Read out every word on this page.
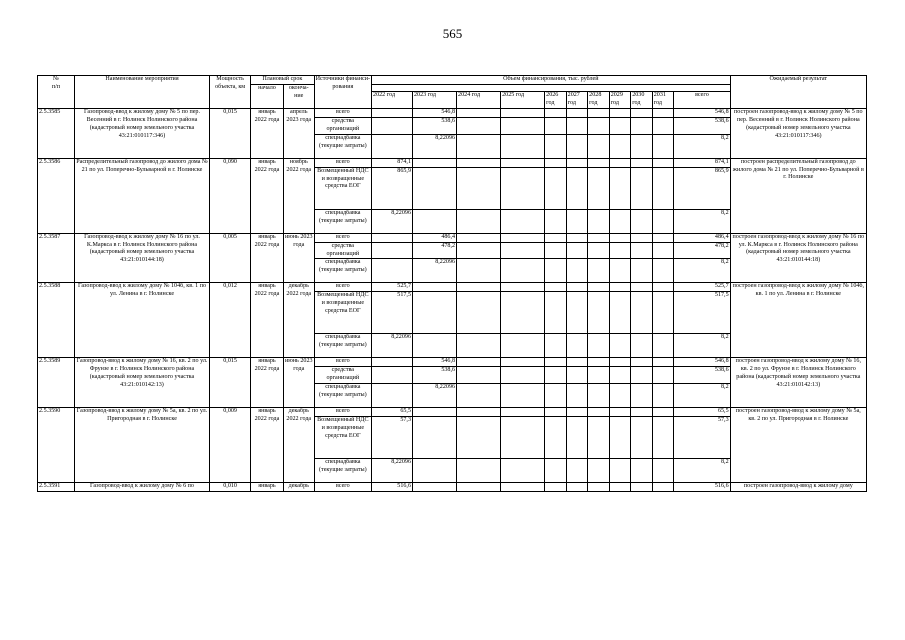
565
№
п/п	Наименование мероприятия	Мощность объекта, км	Плановый срок		Источники финанси-рования	Объем финансирования, тыс. рублей											Ожидаемый результат
			начало	оконча-ние													
						2022 год	2023 год	2024 год	2025 год	2026 год	2027 год	2028 год	2029 год	2030 год	2031 год	всего	
2.5.3585	Газопровод-ввод к жилому дому № 5 по пер. Весенний в г. Нолинск Нолинского района (кадастровый номер земельного участка 43:21:010117:346)	0,015	январь 2022 года	апрель 2023 года	всего		546,8									546,8	построен газопровод-ввод к жилому дому № 5 по пер. Весенний в г. Нолинск Нолинского района (кадастровый номер земельного участка 43:21:010117:346)
					средства организаций		538,6									538,6	
					спецнадбавка (текущие затраты)		8,22096									8,2	
2.5.3586	Распределительный газопровод до жилого дома № 21 по ул. Поперечно-Бульварной в г. Нолинске	0,090	январь 2022 года	ноябрь 2022 года	всего	874,1										874,1	построен распределительный газопровод до жилого дома № 21 по ул. Поперечно-Бульварной в г. Нолинске
					Возмещенный НДС и возвращенные средства ЕОГ	865,9										865,9	
					спецнадбавка (текущие затраты)	8,22096										8,2	
2.5.3587	Газопровод-ввод к жилому дому № 16 по ул. К.Маркса в г. Нолинск Нолинского района (кадастровый номер земельного участка 43:21:010144:18)	0,005	январь 2022 года	июнь 2023 года	всего		486,4									486,4	построен газопровод-ввод к жилому дому № 16 по ул. К.Маркса в г. Нолинск Нолинского района (кадастровый номер земельного участка 43:21:010144:18)
					средства организаций		478,2									478,2	
					спецнадбавка (текущие затраты)		8,22096									8,2	
2.5.3588	Газопровод-ввод к жилому дому № 104б, кв. 1 по ул. Ленина в г. Нолинске	0,012	январь 2022 года	декабрь 2022 года	всего	525,7										525,7	построен газопровод-ввод к жилому дому № 104б, кв. 1 по ул. Ленина в г. Нолинске
					Возмещенный НДС и возвращенные средства ЕОГ	517,5										517,5	
					спецнадбавка (текущие затраты)	8,22096										8,2	
2.5.3589	Газопровод-ввод к жилому дому № 16, кв. 2 по ул. Фрунзе в г. Нолинск Нолинского района (кадастровый номер земельного участка 43:21:010142:13)	0,015	январь 2022 года	июнь 2023 года	всего		546,8									546,8	построен газопровод-ввод к жилому дому № 16, кв. 2 по ул. Фрунзе в г. Нолинск Нолинского района (кадастровый номер земельного участка 43:21:010142:13)
					средства организаций		538,6									538,6	
					спецнадбавка (текущие затраты)		8,22096									8,2	
2.5.3590	Газопровод-ввод к жилому дому № 5а, кв. 2 по ул. Пригородная в г. Нолинске	0,009	январь 2022 года	декабрь 2022 года	всего	65,5										65,5	построен газопровод-ввод к жилому дому № 5а, кв. 2 по ул. Пригородная в г. Нолинске
					Возмещенный НДС и возвращенные средства ЕОГ	57,3										57,3	
					спецнадбавка (текущие затраты)	8,22096										8,2	
2.5.3591	Газопровод-ввод к жилому дому № 6 по	0,010	январь	декабрь	всего	516,6										516,6	построен газопровод-ввод к жилому дому
